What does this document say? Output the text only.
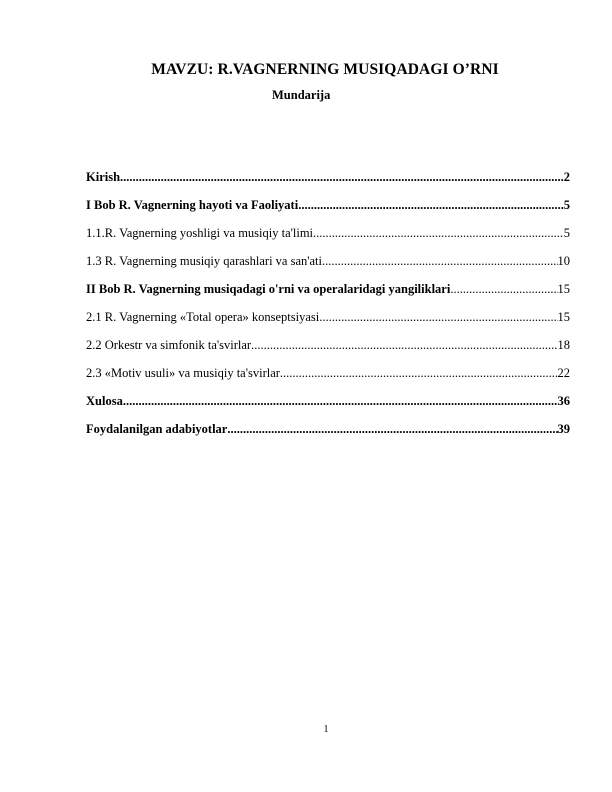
MAVZU: R.VAGNERNING MUSIQADAGI O’RNI
Mundarija
Kirish .....	2
I Bob R. Vagnerning hayoti va Faoliyati .....	5
1.1.R. Vagnerning yoshligi va musiqiy ta'limi .....	5
1.3 R. Vagnerning musiqiy qarashlari va san'ati .....	10
II Bob R. Vagnerning musiqadagi o'rni va operalaridagi yangiliklari .....	15
2.1 R. Vagnerning «Total opera» konseptsiyasi .....	15
2.2 Orkestr va simfonik ta'svirlar .....	18
2.3 «Motiv usuli» va musiqiy ta'svirlar .....	22
Xulosa .....	36
Foydalanilgan adabiyotlar .....	39

1
